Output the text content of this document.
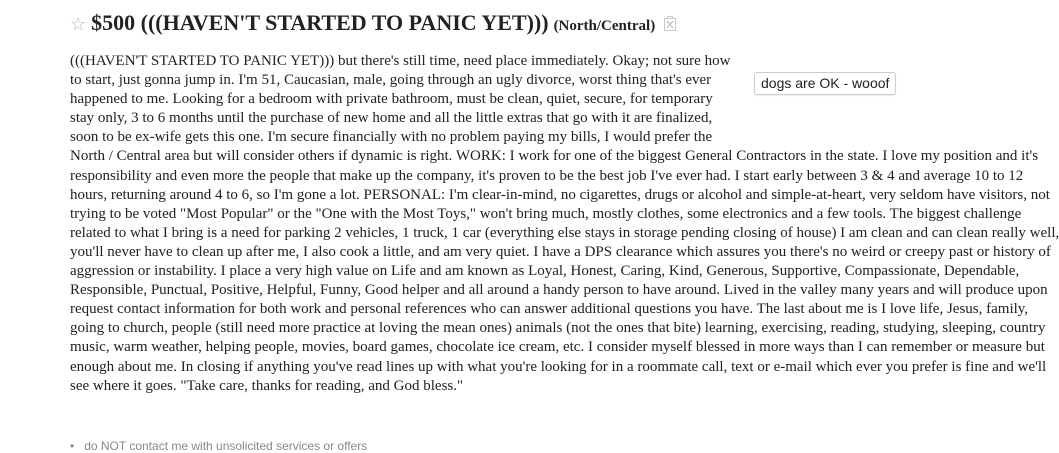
☆ $500 (((HAVEN'T STARTED TO PANIC YET))) (North/Central)
dogs are OK - wooof
(((HAVEN'T STARTED TO PANIC YET))) but there's still time, need place immediately. Okay; not sure how to start, just gonna jump in. I'm 51, Caucasian, male, going through an ugly divorce, worst thing that's ever happened to me. Looking for a bedroom with private bathroom, must be clean, quiet, secure, for temporary stay only, 3 to 6 months until the purchase of new home and all the little extras that go with it are finalized, soon to be ex-wife gets this one. I'm secure financially with no problem paying my bills, I would prefer the North / Central area but will consider others if dynamic is right. WORK: I work for one of the biggest General Contractors in the state. I love my position and it's responsibility and even more the people that make up the company, it's proven to be the best job I've ever had. I start early between 3 & 4 and average 10 to 12 hours, returning around 4 to 6, so I'm gone a lot. PERSONAL: I'm clear-in-mind, no cigarettes, drugs or alcohol and simple-at-heart, very seldom have visitors, not trying to be voted "Most Popular" or the "One with the Most Toys," won't bring much, mostly clothes, some electronics and a few tools. The biggest challenge related to what I bring is a need for parking 2 vehicles, 1 truck, 1 car (everything else stays in storage pending closing of house) I am clean and can clean really well, you'll never have to clean up after me, I also cook a little, and am very quiet. I have a DPS clearance which assures you there's no weird or creepy past or history of aggression or instability. I place a very high value on Life and am known as Loyal, Honest, Caring, Kind, Generous, Supportive, Compassionate, Dependable, Responsible, Punctual, Positive, Helpful, Funny, Good helper and all around a handy person to have around. Lived in the valley many years and will produce upon request contact information for both work and personal references who can answer additional questions you have. The last about me is I love life, Jesus, family, going to church, people (still need more practice at loving the mean ones) animals (not the ones that bite) learning, exercising, reading, studying, sleeping, country music, warm weather, helping people, movies, board games, chocolate ice cream, etc. I consider myself blessed in more ways than I can remember or measure but enough about me. In closing if anything you've read lines up with what you're looking for in a roommate call, text or e-mail which ever you prefer is fine and we'll see where it goes. "Take care, thanks for reading, and God bless."
• do NOT contact me with unsolicited services or offers
